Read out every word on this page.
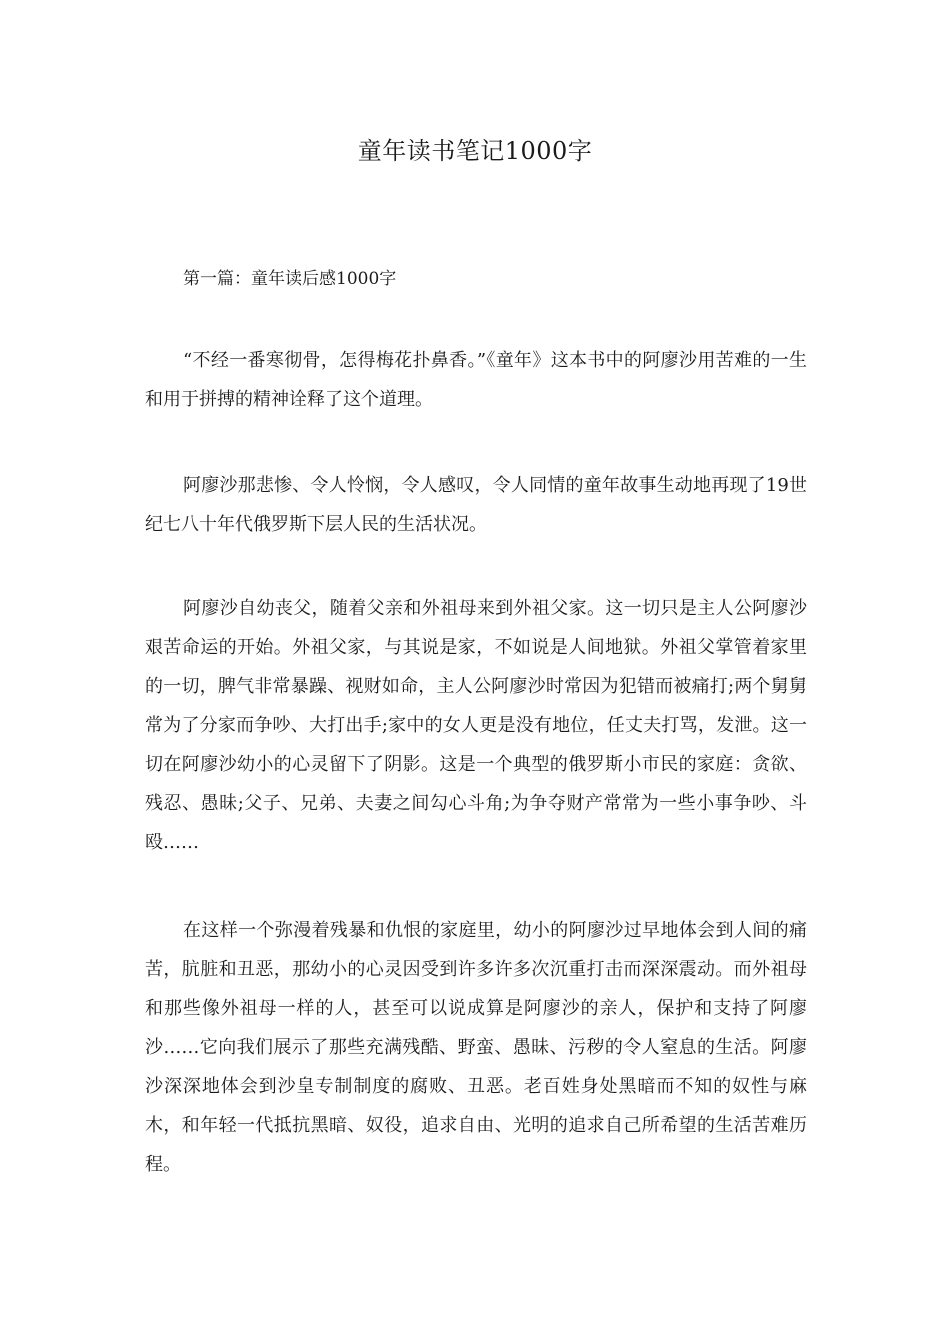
童年读书笔记1000字
第一篇：童年读后感1000字

“不经一番寒彻骨，怎得梅花扑鼻香。”《童年》这本书中的阿廖沙用苦难的一生和用于拼搏的精神诠释了这个道理。

阿廖沙那悲惨、令人怜悯，令人感叹，令人同情的童年故事生动地再现了19世纪七八十年代俄罗斯下层人民的生活状况。

阿廖沙自幼丧父，随着父亲和外祖母来到外祖父家。这一切只是主人公阿廖沙艰苦命运的开始。外祖父家，与其说是家，不如说是人间地狱。外祖父掌管着家里的一切，脾气非常暴躁、视财如命，主人公阿廖沙时常因为犯错而被痛打;两个舅舅常为了分家而争吵、大打出手;家中的女人更是没有地位，任丈夫打骂，发泄。这一切在阿廖沙幼小的心灵留下了阴影。这是一个典型的俄罗斯小市民的家庭：贪欲、残忍、愚昧;父子、兄弟、夫妻之间勾心斗角;为争夺财产常常为一些小事争吵、斗殴……

在这样一个弥漫着残暴和仇恨的家庭里，幼小的阿廖沙过早地体会到人间的痛苦，肮脏和丑恶，那幼小的心灵因受到许多许多次沉重打击而深深震动。而外祖母和那些像外祖母一样的人，甚至可以说成算是阿廖沙的亲人，保护和支持了阿廖沙……它向我们展示了那些充满残酷、野蛮、愚昧、污秽的令人窒息的生活。阿廖沙深深地体会到沙皇专制制度的腐败、丑恶。老百姓身处黑暗而不知的奴性与麻木，和年轻一代抵抗黑暗、奴役，追求自由、光明的追求自己所希望的生活苦难历程。
